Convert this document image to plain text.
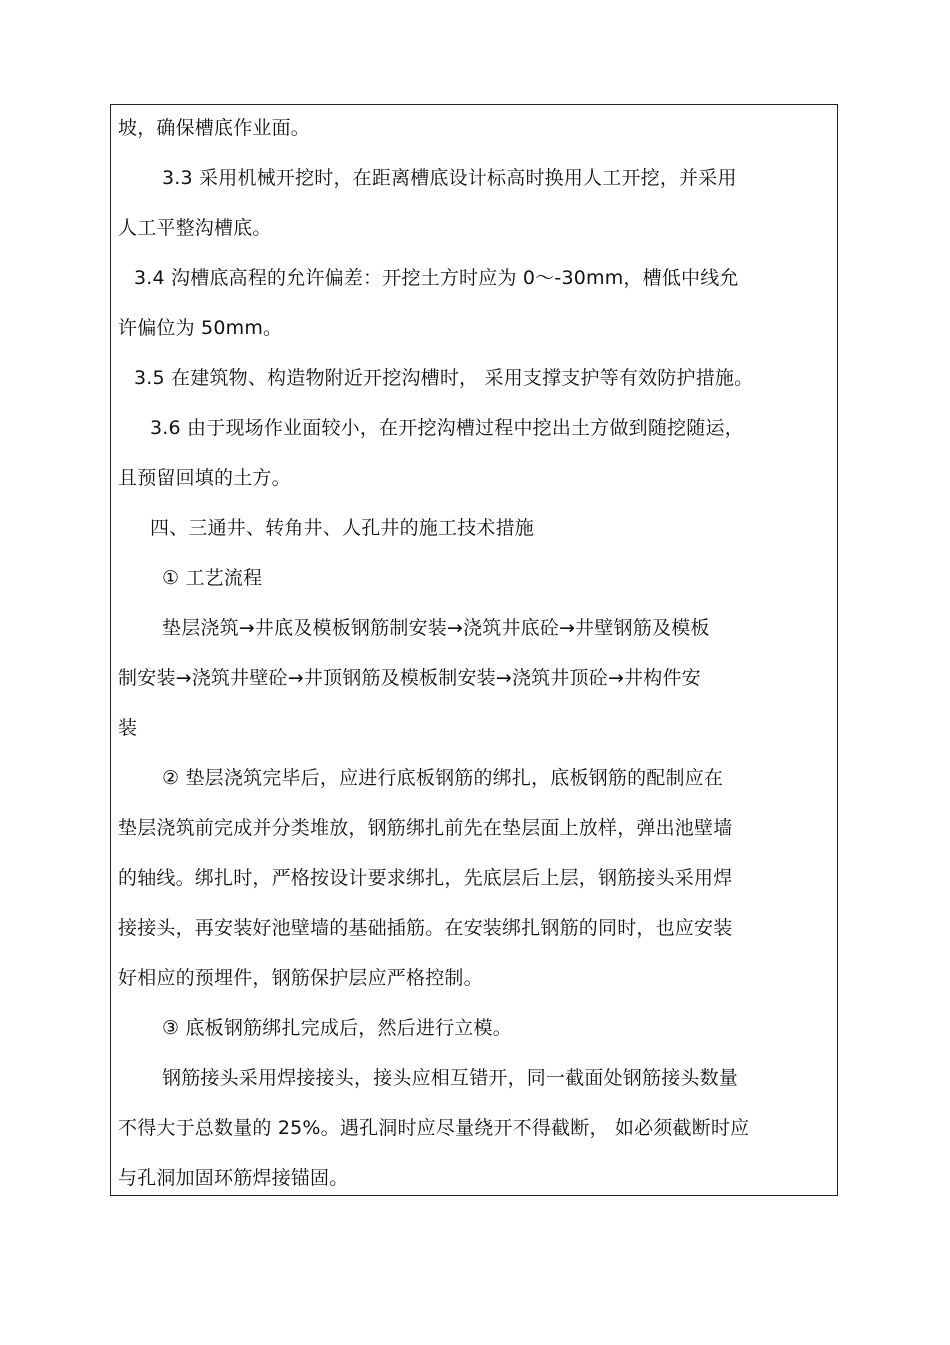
坡，确保槽底作业面。
3.3 采用机械开挖时，在距离槽底设计标高时换用人工开挖，并采用
人工平整沟槽底。
3.4 沟槽底高程的允许偏差：开挖土方时应为 0～-30mm，槽低中线允
许偏位为 50mm。
3.5 在建筑物、构造物附近开挖沟槽时， 采用支撑支护等有效防护措施。
3.6 由于现场作业面较小，在开挖沟槽过程中挖出土方做到随挖随运，
且预留回填的土方。
四、三通井、转角井、人孔井的施工技术措施
① 工艺流程
垫层浇筑→井底及模板钢筋制安装→浇筑井底砼→井壁钢筋及模板
制安装→浇筑井壁砼→井顶钢筋及模板制安装→浇筑井顶砼→井构件安
装
② 垫层浇筑完毕后，应进行底板钢筋的绑扎，底板钢筋的配制应在
垫层浇筑前完成并分类堆放，钢筋绑扎前先在垫层面上放样，弹出池壁墙
的轴线。绑扎时，严格按设计要求绑扎，先底层后上层，钢筋接头采用焊
接接头，再安装好池壁墙的基础插筋。在安装绑扎钢筋的同时，也应安装
好相应的预埋件，钢筋保护层应严格控制。
③ 底板钢筋绑扎完成后，然后进行立模。
钢筋接头采用焊接接头，接头应相互错开，同一截面处钢筋接头数量
不得大于总数量的 25%。遇孔洞时应尽量绕开不得截断， 如必须截断时应
与孔洞加固环筋焊接锚固。
